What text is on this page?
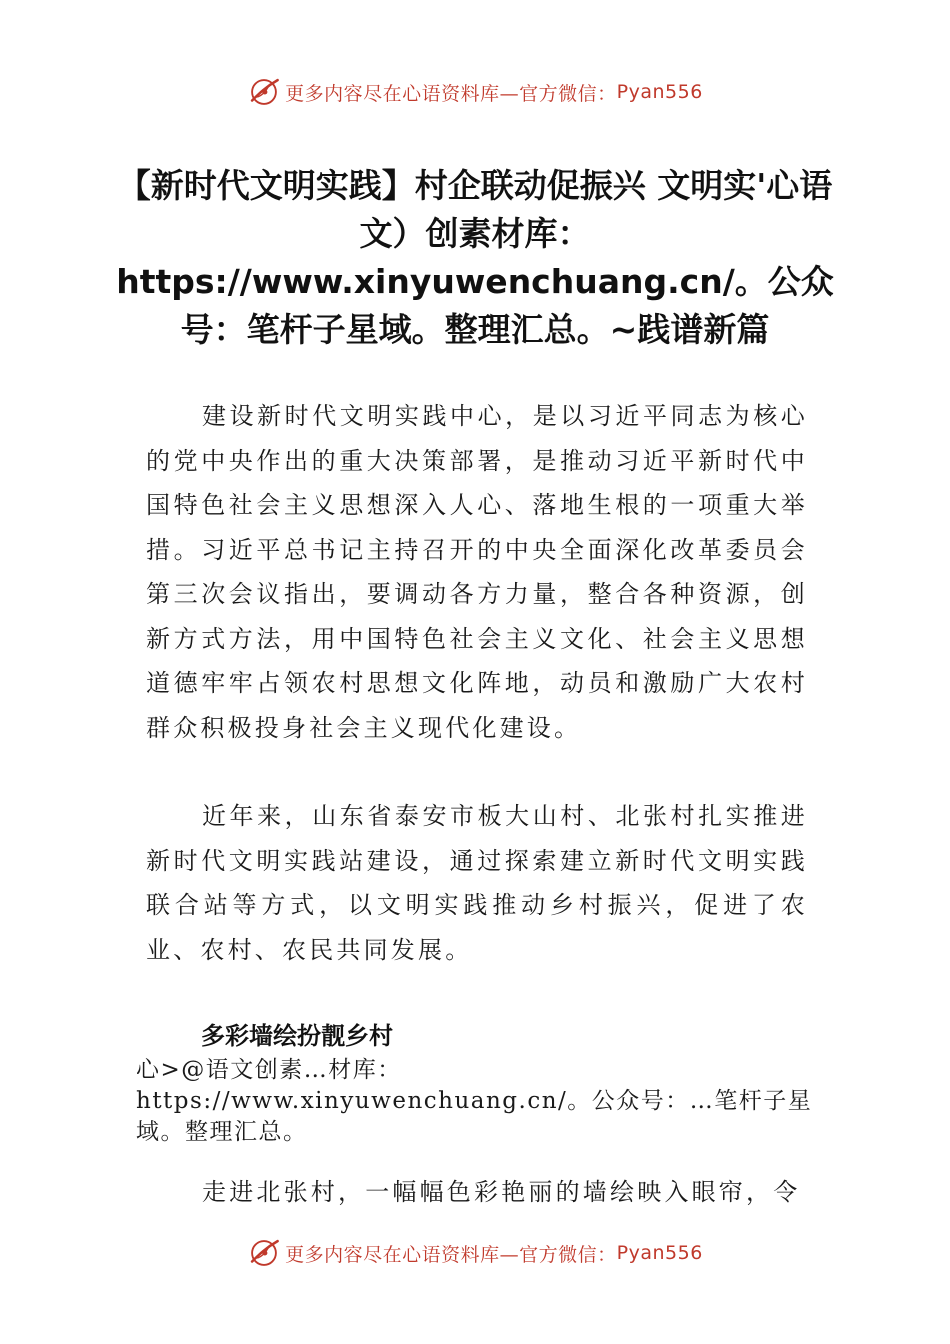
更多内容尽在心语资料库—官方微信： Pyan556
【新时代文明实践】村企联动促振兴 文明实'心语文）创素材库：https://www.xinyuwenchuang.cn/。公众号：笔杆子星域。整理汇总。~践谱新篇

建设新时代文明实践中心，是以习近平同志为核心的党中央作出的重大决策部署，是推动习近平新时代中国特色社会主义思想深入人心、落地生根的一项重大举措。习近平总书记主持召开的中央全面深化改革委员会第三次会议指出，要调动各方力量，整合各种资源，创新方式方法，用中国特色社会主义文化、社会主义思想道德牢牢占领农村思想文化阵地，动员和激励广大农村群众积极投身社会主义现代化建设。

近年来，山东省泰安市板大山村、北张村扎实推进新时代文明实践站建设，通过探索建立新时代文明实践联合站等方式，以文明实践推动乡村振兴，促进了农业、农村、农民共同发展。

多彩墙绘扮靓乡村

心>@语文创素…材库：https://www.xinyuwenchuang.cn/。公众号：…笔杆子星域。整理汇总。

走进北张村，一幅幅色彩艳丽的墙绘映入眼帘，令

更多内容尽在心语资料库—官方微信： Pyan556
